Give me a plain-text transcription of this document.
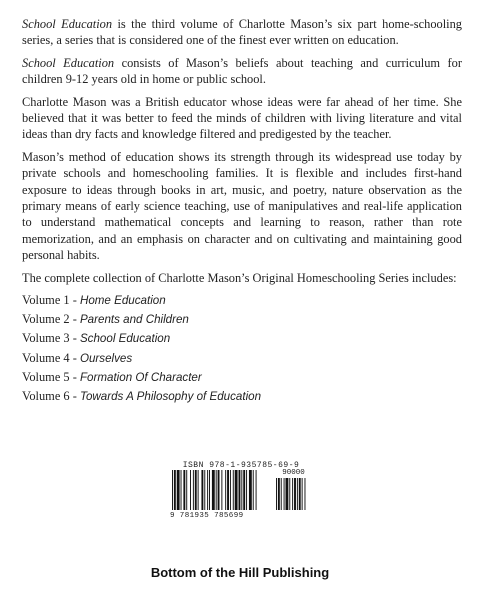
School Education is the third volume of Charlotte Mason’s six part home-schooling series, a series that is considered one of the finest ever written on education.

School Education consists of Mason’s beliefs about teaching and curriculum for children 9-12 years old in home or public school.

Charlotte Mason was a British educator whose ideas were far ahead of her time. She believed that it was better to feed the minds of children with living literature and vital ideas than dry facts and knowledge filtered and predigested by the teacher.

Mason’s method of education shows its strength through its widespread use today by private schools and homeschooling families. It is flexible and includes first-hand exposure to ideas through books in art, music, and poetry, nature observation as the primary means of early science teaching, use of manipulatives and real-life application to understand mathematical concepts and learning to reason, rather than rote memorization, and an emphasis on character and on cultivating and maintaining good personal habits.

The complete collection of Charlotte Mason’s Original Homeschooling Series includes:

Volume 1 - Home Education
Volume 2 - Parents and Children
Volume 3 - School Education
Volume 4 - Ourselves
Volume 5 - Formation Of Character
Volume 6 - Towards A Philosophy of Education
ISBN 978-1-935785-69-9
90000
9 781935 785699
Bottom of the Hill Publishing
